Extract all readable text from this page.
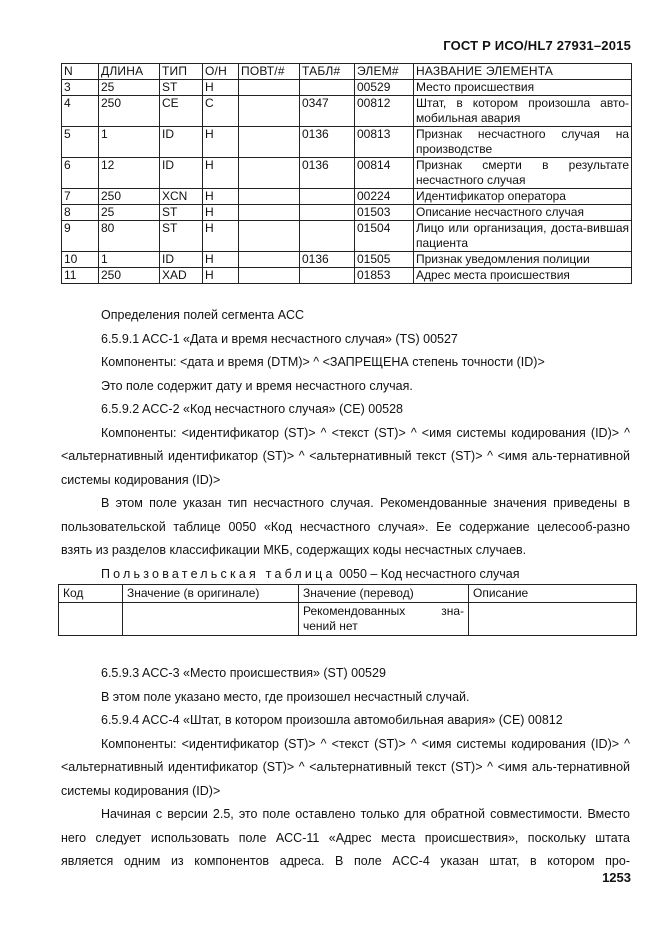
ГОСТ Р ИСО/HL7 27931–2015
N	ДЛИНА	ТИП	О/Н	ПОВТ/#	ТАБЛ#	ЭЛЕМ#	НАЗВАНИЕ ЭЛЕМЕНТА
3	25	ST	Н			00529	Место происшествия
4	250	CE	С		0347	00812	Штат, в котором произошла авто-мобильная авария
5	1	ID	Н		0136	00813	Признак несчастного случая на производстве
6	12	ID	Н		0136	00814	Признак смерти в результате несчастного случая
7	250	XCN	Н			00224	Идентификатор оператора
8	25	ST	Н			01503	Описание несчастного случая
9	80	ST	Н			01504	Лицо или организация, доста-вившая пациента
10	1	ID	Н		0136	01505	Признак уведомления полиции
11	250	XAD	Н			01853	Адрес места происшествия

Определения полей сегмента ACC

6.5.9.1 ACC-1 «Дата и время несчастного случая» (TS) 00527

Компоненты: <дата и время (DTM)> ^ <ЗАПРЕЩЕНА степень точности (ID)>

Это поле содержит дату и время несчастного случая.

6.5.9.2 ACC-2 «Код несчастного случая» (CE) 00528

Компоненты: <идентификатор (ST)> ^ <текст (ST)> ^ <имя системы кодирования (ID)> ^ <альтернативный идентификатор (ST)> ^ <альтернативный текст (ST)> ^ <имя аль-тернативной системы кодирования (ID)>

В этом поле указан тип несчастного случая. Рекомендованные значения приведены в пользовательской таблице 0050 «Код несчастного случая». Ее содержание целесооб-разно взять из разделов классификации МКБ, содержащих коды несчастных случаев.

Пользовательская таблица 0050 – Код несчастного случая

Код	Значение (в оригинале)	Значение (перевод)	Описание
		Рекомендованных зна-чений нет	

6.5.9.3 ACC-3 «Место происшествия» (ST) 00529

В этом поле указано место, где произошел несчастный случай.

6.5.9.4 ACC-4 «Штат, в котором произошла автомобильная авария» (CE) 00812

Компоненты: <идентификатор (ST)> ^ <текст (ST)> ^ <имя системы кодирования (ID)> ^ <альтернативный идентификатор (ST)> ^ <альтернативный текст (ST)> ^ <имя аль-тернативной системы кодирования (ID)>

Начиная с версии 2.5, это поле оставлено только для обратной совместимости. Вместо него следует использовать поле ACC-11 «Адрес места происшествия», поскольку штата является одним из компонентов адреса. В поле ACC-4 указан штат, в котором про-

1253
